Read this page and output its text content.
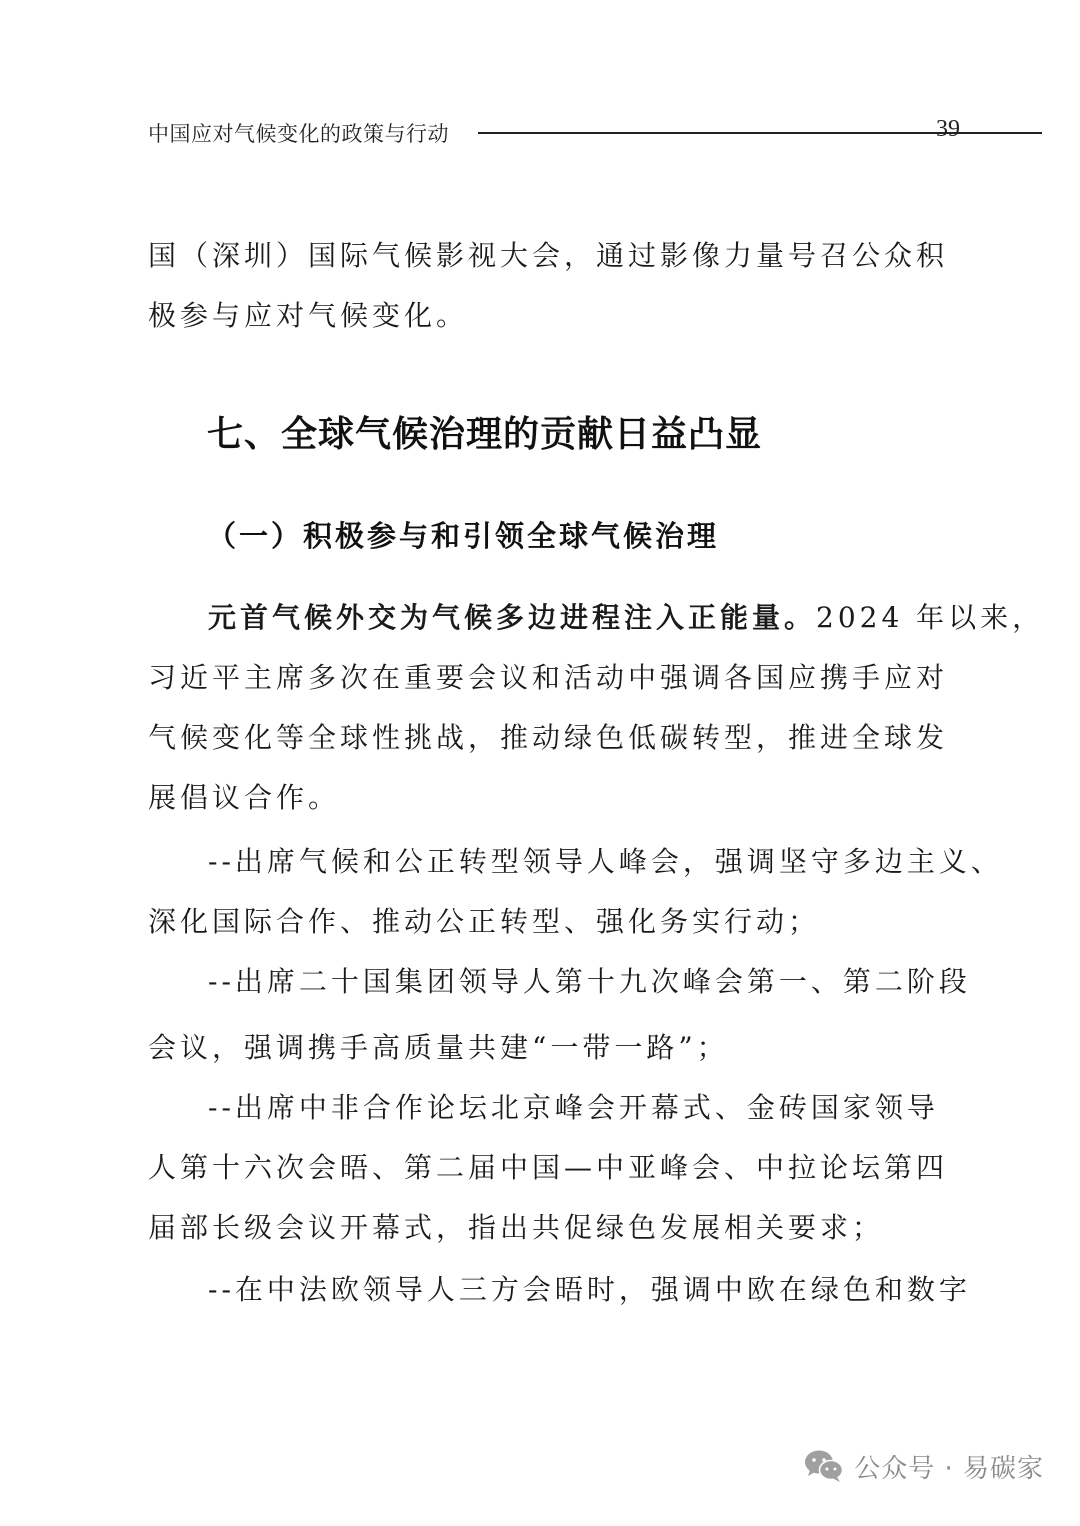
中国应对气候变化的政策与行动	39
国（深圳）国际气候影视大会，通过影像力量号召公众积
极参与应对气候变化。
七、全球气候治理的贡献日益凸显
（一）积极参与和引领全球气候治理
元首气候外交为气候多边进程注入正能量。2024 年以来，
习近平主席多次在重要会议和活动中强调各国应携手应对
气候变化等全球性挑战，推动绿色低碳转型，推进全球发
展倡议合作。
--出席气候和公正转型领导人峰会，强调坚守多边主义、
深化国际合作、推动公正转型、强化务实行动；
--出席二十国集团领导人第十九次峰会第一、第二阶段
会议，强调携手高质量共建“一带一路”；
--出席中非合作论坛北京峰会开幕式、金砖国家领导
人第十六次会晤、第二届中国—中亚峰会、中拉论坛第四
届部长级会议开幕式，指出共促绿色发展相关要求；
--在中法欧领导人三方会晤时，强调中欧在绿色和数字
公众号 · 易碳家
